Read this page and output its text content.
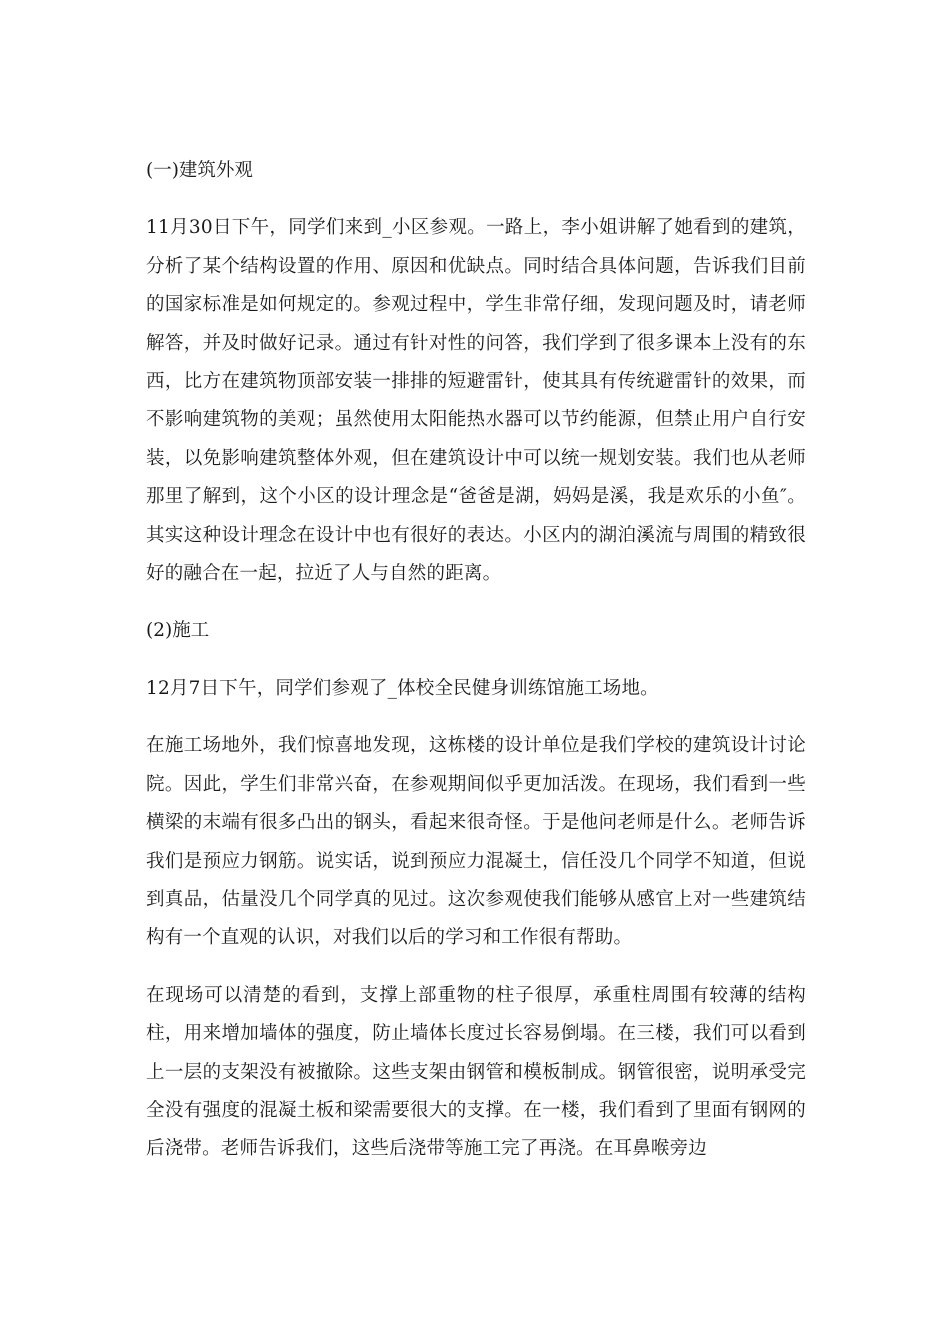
(一)建筑外观

11月30日下午，同学们来到_小区参观。一路上，李小姐讲解了她看到的建筑，分析了某个结构设置的作用、原因和优缺点。同时结合具体问题，告诉我们目前的国家标准是如何规定的。参观过程中，学生非常仔细，发现问题及时，请老师解答，并及时做好记录。通过有针对性的问答，我们学到了很多课本上没有的东西，比方在建筑物顶部安装一排排的短避雷针，使其具有传统避雷针的效果，而不影响建筑物的美观；虽然使用太阳能热水器可以节约能源，但禁止用户自行安装，以免影响建筑整体外观，但在建筑设计中可以统一规划安装。我们也从老师那里了解到，这个小区的设计理念是“爸爸是湖，妈妈是溪，我是欢乐的小鱼″。其实这种设计理念在设计中也有很好的表达。小区内的湖泊溪流与周围的精致很好的融合在一起，拉近了人与自然的距离。

(2)施工

12月7日下午，同学们参观了_体校全民健身训练馆施工场地。

在施工场地外，我们惊喜地发现，这栋楼的设计单位是我们学校的建筑设计讨论院。因此，学生们非常兴奋，在参观期间似乎更加活泼。在现场，我们看到一些横梁的末端有很多凸出的钢头，看起来很奇怪。于是他问老师是什么。老师告诉我们是预应力钢筋。说实话，说到预应力混凝土，信任没几个同学不知道，但说到真品，估量没几个同学真的见过。这次参观使我们能够从感官上对一些建筑结构有一个直观的认识，对我们以后的学习和工作很有帮助。

在现场可以清楚的看到，支撑上部重物的柱子很厚，承重柱周围有较薄的结构柱，用来增加墙体的强度，防止墙体长度过长容易倒塌。在三楼，我们可以看到上一层的支架没有被撤除。这些支架由钢管和模板制成。钢管很密，说明承受完全没有强度的混凝土板和梁需要很大的支撑。在一楼，我们看到了里面有钢网的后浇带。老师告诉我们，这些后浇带等施工完了再浇。在耳鼻喉旁边
